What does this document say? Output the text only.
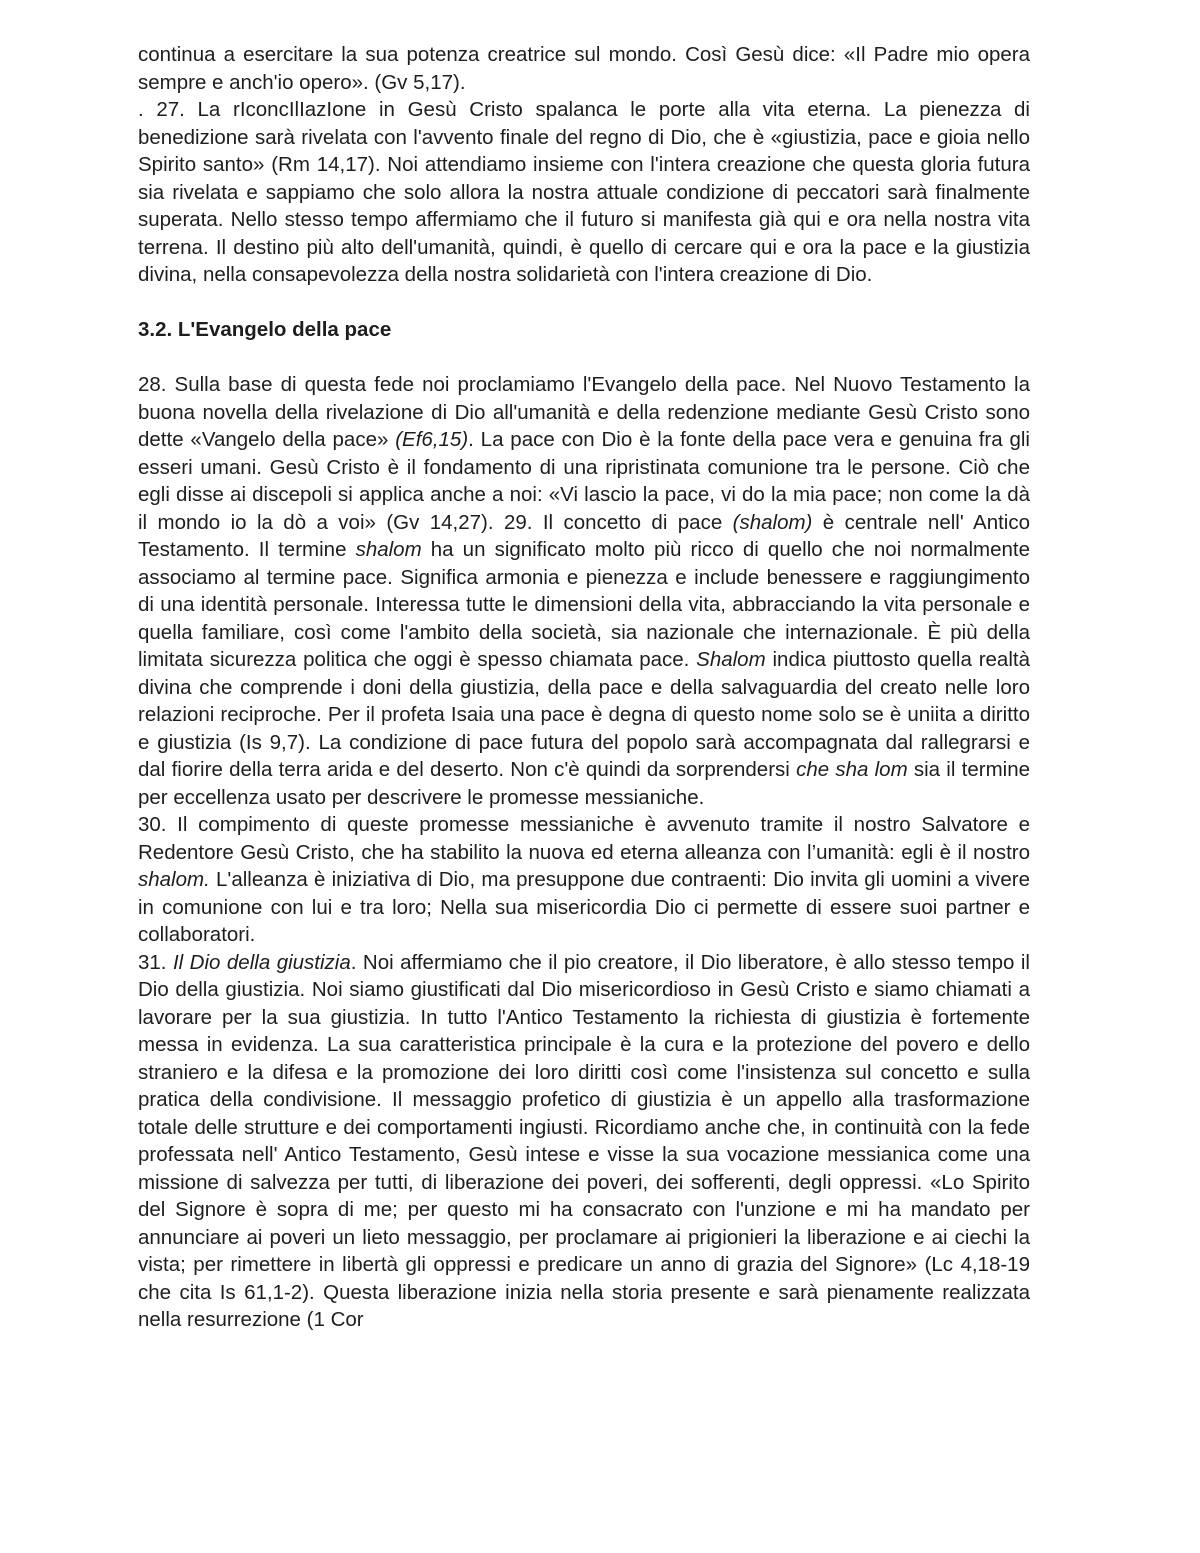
continua a esercitare la sua potenza creatrice sul mondo. Così Gesù dice: «Il Padre mio opera sempre e anch'io opero». (Gv 5,17).

. 27. La rIconcIlIazIone in Gesù Cristo spalanca le porte alla vita eterna. La pienezza di benedizione sarà rivelata con l'avvento finale del regno di Dio, che è «giustizia, pace e gioia nello Spirito santo» (Rm 14,17). Noi attendiamo insieme con l'intera creazione che questa gloria futura sia rivelata e sappiamo che solo allora la nostra attuale condizione di peccatori sarà finalmente superata. Nello stesso tempo affermiamo che il futuro si manifesta già qui e ora nella nostra vita terrena. Il destino più alto dell'umanità, quindi, è quello di cercare qui e ora la pace e la giustizia divina, nella consapevolezza della nostra solidarietà con l'intera creazione di Dio.

3.2. L'Evangelo della pace

28. Sulla base di questa fede noi proclamiamo l'Evangelo della pace. Nel Nuovo Testamento la buona novella della rivelazione di Dio all'umanità e della redenzione mediante Gesù Cristo sono dette «Vangelo della pace» (Ef6,15). La pace con Dio è la fonte della pace vera e genuina fra gli esseri umani. Gesù Cristo è il fondamento di una ripristinata comunione tra le persone. Ciò che egli disse ai discepoli si applica anche a noi: «Vi lascio la pace, vi do la mia pace; non come la dà il mondo io la dò a voi» (Gv 14,27). 29. Il concetto di pace (shalom) è centrale nell' Antico Testamento. Il termine shalom ha un significato molto più ricco di quello che noi normalmente associamo al termine pace. Significa armonia e pienezza e include benessere e raggiungimento di una identità personale. Interessa tutte le dimensioni della vita, abbracciando la vita personale e quella familiare, così come l'ambito della società, sia nazionale che internazionale. È più della limitata sicurezza politica che oggi è spesso chiamata pace. Shalom indica piuttosto quella realtà divina che comprende i doni della giustizia, della pace e della salvaguardia del creato nelle loro relazioni reciproche. Per il profeta Isaia una pace è degna di questo nome solo se è uniita a diritto e giustizia (Is 9,7). La condizione di pace futura del popolo sarà accompagnata dal rallegrarsi e dal fiorire della terra arida e del deserto. Non c'è quindi da sorprendersi che sha lom sia il termine per eccellenza usato per descrivere le promesse messianiche.

30. Il compimento di queste promesse messianiche è avvenuto tramite il nostro Salvatore e Redentore Gesù Cristo, che ha stabilito la nuova ed eterna alleanza con l’umanità: egli è il nostro shalom. L'alleanza è iniziativa di Dio, ma presuppone due contraenti: Dio invita gli uomini a vivere in comunione con lui e tra loro; Nella sua misericordia Dio ci permette di essere suoi partner e collaboratori.

31. Il Dio della giustizia. Noi affermiamo che il pio creatore, il Dio liberatore, è allo stesso tempo il Dio della giustizia. Noi siamo giustificati dal Dio misericordioso in Gesù Cristo e siamo chiamati a lavorare per la sua giustizia. In tutto l'Antico Testamento la richiesta di giustizia è fortemente messa in evidenza. La sua caratteristica principale è la cura e la protezione del povero e dello straniero e la difesa e la promozione dei loro diritti così come l'insistenza sul concetto e sulla pratica della condivisione. Il messaggio profetico di giustizia è un appello alla trasformazione totale delle strutture e dei comportamenti ingiusti. Ricordiamo anche che, in continuità con la fede professata nell' Antico Testamento, Gesù intese e visse la sua vocazione messianica come una missione di salvezza per tutti, di liberazione dei poveri, dei sofferenti, degli oppressi. «Lo Spirito del Signore è sopra di me; per questo mi ha consacrato con l'unzione e mi ha mandato per annunciare ai poveri un lieto messaggio, per proclamare ai prigionieri la liberazione e ai ciechi la vista; per rimettere in libertà gli oppressi e predicare un anno di grazia del Signore» (Lc 4,18-19 che cita Is 61,1-2). Questa liberazione inizia nella storia presente e sarà pienamente realizzata nella resurrezione (1 Cor
